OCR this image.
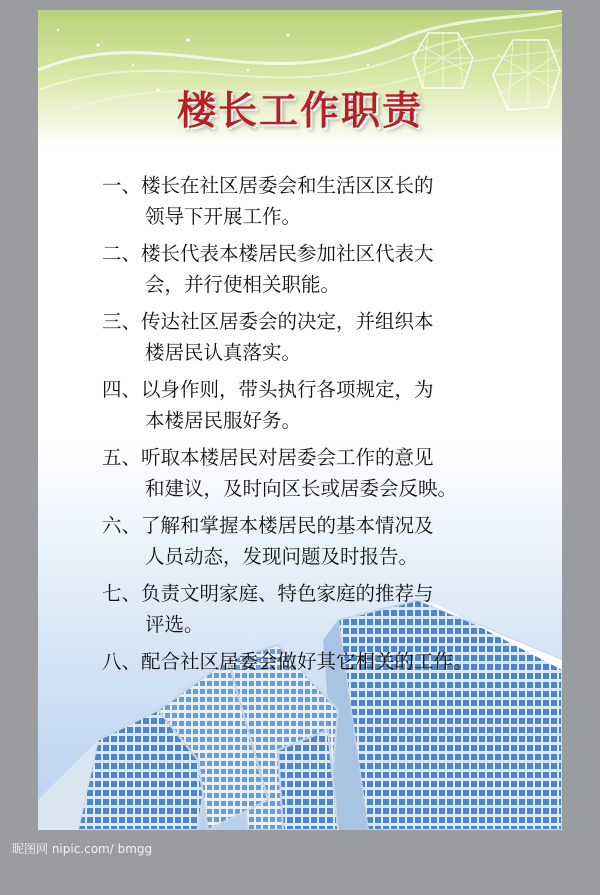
楼长工作职责
一、楼长在社区居委会和生活区区长的
领导下开展工作。
二、楼长代表本楼居民参加社区代表大
会，并行使相关职能。
三、传达社区居委会的决定，并组织本
楼居民认真落实。
四、以身作则，带头执行各项规定，为
本楼居民服好务。
五、听取本楼居民对居委会工作的意见
和建议，及时向区长或居委会反映。
六、了解和掌握本楼居民的基本情况及
人员动态，发现问题及时报告。
七、负责文明家庭、特色家庭的推荐与
评选。
八、配合社区居委会做好其它相关的工作。
昵图网 nipic.com/ bmgg
